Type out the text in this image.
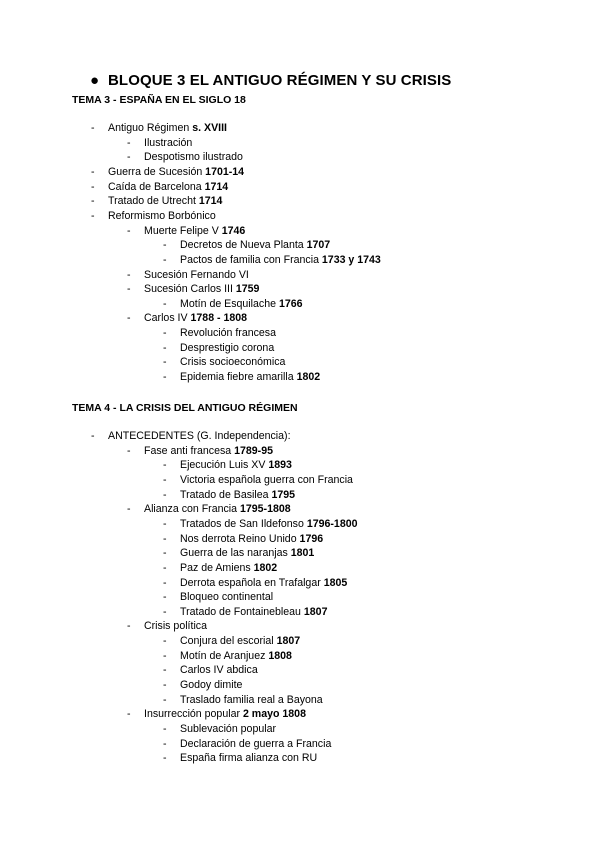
● BLOQUE 3 EL ANTIGUO RÉGIMEN Y SU CRISIS
TEMA 3 - ESPAÑA EN EL SIGLO 18
- Antiguo Régimen s. XVIII
- Ilustración
- Despotismo ilustrado
- Guerra de Sucesión 1701-14
- Caída de Barcelona 1714
- Tratado de Utrecht 1714
- Reformismo Borbónico
- Muerte Felipe V 1746
- Decretos de Nueva Planta 1707
- Pactos de familia con Francia 1733 y 1743
- Sucesión Fernando VI
- Sucesión Carlos III 1759
- Motín de Esquilache 1766
- Carlos IV 1788 - 1808
- Revolución francesa
- Desprestigio corona
- Crisis socioeconómica
- Epidemia fiebre amarilla 1802
TEMA 4 - LA CRISIS DEL ANTIGUO RÉGIMEN
- ANTECEDENTES (G. Independencia):
- Fase anti francesa 1789-95
- Ejecución Luis XV 1893
- Victoria española guerra con Francia
- Tratado de Basilea 1795
- Alianza con Francia 1795-1808
- Tratados de San Ildefonso 1796-1800
- Nos derrota Reino Unido 1796
- Guerra de las naranjas 1801
- Paz de Amiens 1802
- Derrota española en Trafalgar 1805
- Bloqueo continental
- Tratado de Fontainebleau 1807
- Crisis política
- Conjura del escorial 1807
- Motín de Aranjuez 1808
- Carlos IV abdica
- Godoy dimite
- Traslado familia real a Bayona
- Insurrección popular 2 mayo 1808
- Sublevación popular
- Declaración de guerra a Francia
- España firma alianza con RU
